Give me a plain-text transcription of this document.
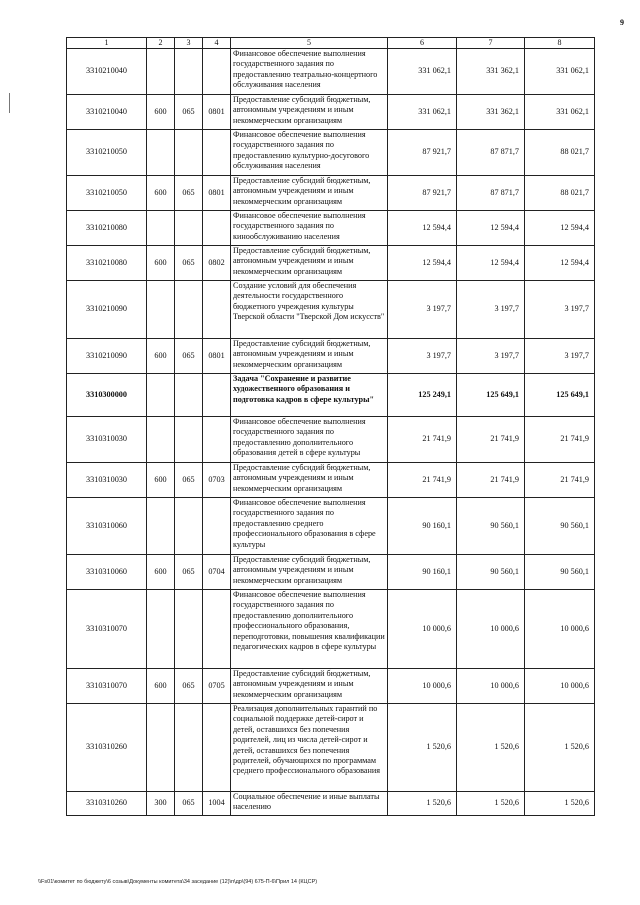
9
1	2	3	4	5	6	7	8
3310210040				Финансовое обеспечение выполнения государственного задания по предоставлению театрально-концертного обслуживания населения	331 062,1	331 362,1	331 062,1
3310210040	600	065	0801	Предоставление субсидий бюджетным, автономным учреждениям и иным некоммерческим организациям	331 062,1	331 362,1	331 062,1
3310210050				Финансовое обеспечение выполнения государственного задания по предоставлению культурно-досугового обслуживания населения	87 921,7	87 871,7	88 021,7
3310210050	600	065	0801	Предоставление субсидий бюджетным, автономным учреждениям и иным некоммерческим организациям	87 921,7	87 871,7	88 021,7
3310210080				Финансовое обеспечение выполнения государственного задания по кинообслуживанию населения	12 594,4	12 594,4	12 594,4
3310210080	600	065	0802	Предоставление субсидий бюджетным, автономным учреждениям и иным некоммерческим организациям	12 594,4	12 594,4	12 594,4
3310210090				Создание условий для обеспечения деятельности государственного бюджетного учреждения культуры Тверской области "Тверской Дом искусств"	3 197,7	3 197,7	3 197,7
3310210090	600	065	0801	Предоставление субсидий бюджетным, автономным учреждениям и иным некоммерческим организациям	3 197,7	3 197,7	3 197,7
3310300000				Задача "Сохранение и развитие художественного образования и подготовка кадров в сфере культуры"	125 249,1	125 649,1	125 649,1
3310310030				Финансовое обеспечение выполнения государственного задания по предоставлению дополнительного образования детей в сфере культуры	21 741,9	21 741,9	21 741,9
3310310030	600	065	0703	Предоставление субсидий бюджетным, автономным учреждениям и иным некоммерческим организациям	21 741,9	21 741,9	21 741,9
3310310060				Финансовое обеспечение выполнения государственного задания по предоставлению среднего профессионального образования в сфере культуры	90 160,1	90 560,1	90 560,1
3310310060	600	065	0704	Предоставление субсидий бюджетным, автономным учреждениям и иным некоммерческим организациям	90 160,1	90 560,1	90 560,1
3310310070				Финансовое обеспечение выполнения государственного задания по предоставлению дополнительного профессионального образования, переподготовки, повышения квалификации педагогических кадров в сфере культуры	10 000,6	10 000,6	10 000,6
3310310070	600	065	0705	Предоставление субсидий бюджетным, автономным учреждениям и иным некоммерческим организациям	10 000,6	10 000,6	10 000,6
3310310260				Реализация дополнительных гарантий по социальной поддержке детей-сирот и детей, оставшихся без попечения родителей, лиц из числа детей-сирот и детей, оставшихся без попечения родителей, обучающихся по программам среднего профессионального образования	1 520,6	1 520,6	1 520,6
3310310260	300	065	1004	Социальное обеспечение и иные выплаты населению	1 520,6	1 520,6	1 520,6
\\Fs01\комитет по бюджету\6 созыв\Документы комитета\34 заседание (12)\п\др\(94) 675-П-6\Прил 14 (КЦСР)
